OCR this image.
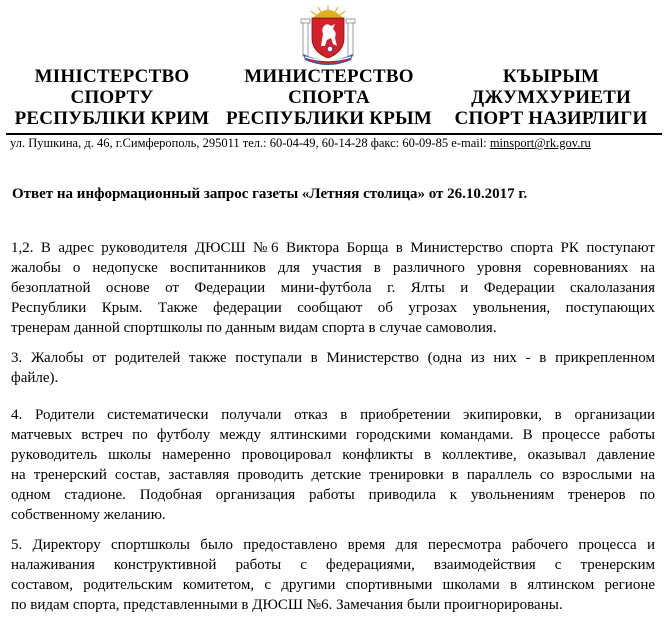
МІНІСТЕРСТВО
СПОРТУ
РЕСПУБЛІКИ КРИМ
МИНИСТЕРСТВО
СПОРТА
РЕСПУБЛИКИ КРЫМ
КЪЫРЫМ
ДЖУМХУРИЕТИ
СПОРТ НАЗИРЛИГИ
ул. Пушкина, д. 46, г.Симферополь, 295011 тел.: 60-04-49, 60-14-28 факс: 60-09-85 e-mail: minsport@rk.gov.ru
Ответ на информационный запрос газеты «Летняя столица» от 26.10.2017 г.
1,2. В адрес руководителя ДЮСШ №6 Виктора Борща в Министерство спорта РК поступают
жалобы о недопуске воспитанников для участия в различного уровня соревнованиях на
безоплатной основе от Федерации мини-футбола г. Ялты и Федерации скалолазания
Республики Крым. Также федерации сообщают об угрозах увольнения, поступающих
тренерам данной спортшколы по данным видам спорта в случае самоволия.
3. Жалобы от родителей также поступали в Министерство (одна из них - в прикрепленном
файле).
4. Родители систематически получали отказ в приобретении экипировки, в организации
матчевых встреч по футболу между ялтинскими городскими командами. В процессе работы
руководитель школы намеренно провоцировал конфликты в коллективе, оказывал давление
на тренерский состав, заставляя проводить детские тренировки в параллель со взрослыми на
одном стадионе. Подобная организация работы приводила к увольнениям тренеров по
собственному желанию.
5. Директору спортшколы было предоставлено время для пересмотра рабочего процесса и
налаживания конструктивной работы с федерациями, взаимодействия с тренерским
составом, родительским комитетом, с другими спортивными школами в ялтинском регионе
по видам спорта, представленными в ДЮСШ №6. Замечания были проигнорированы.
